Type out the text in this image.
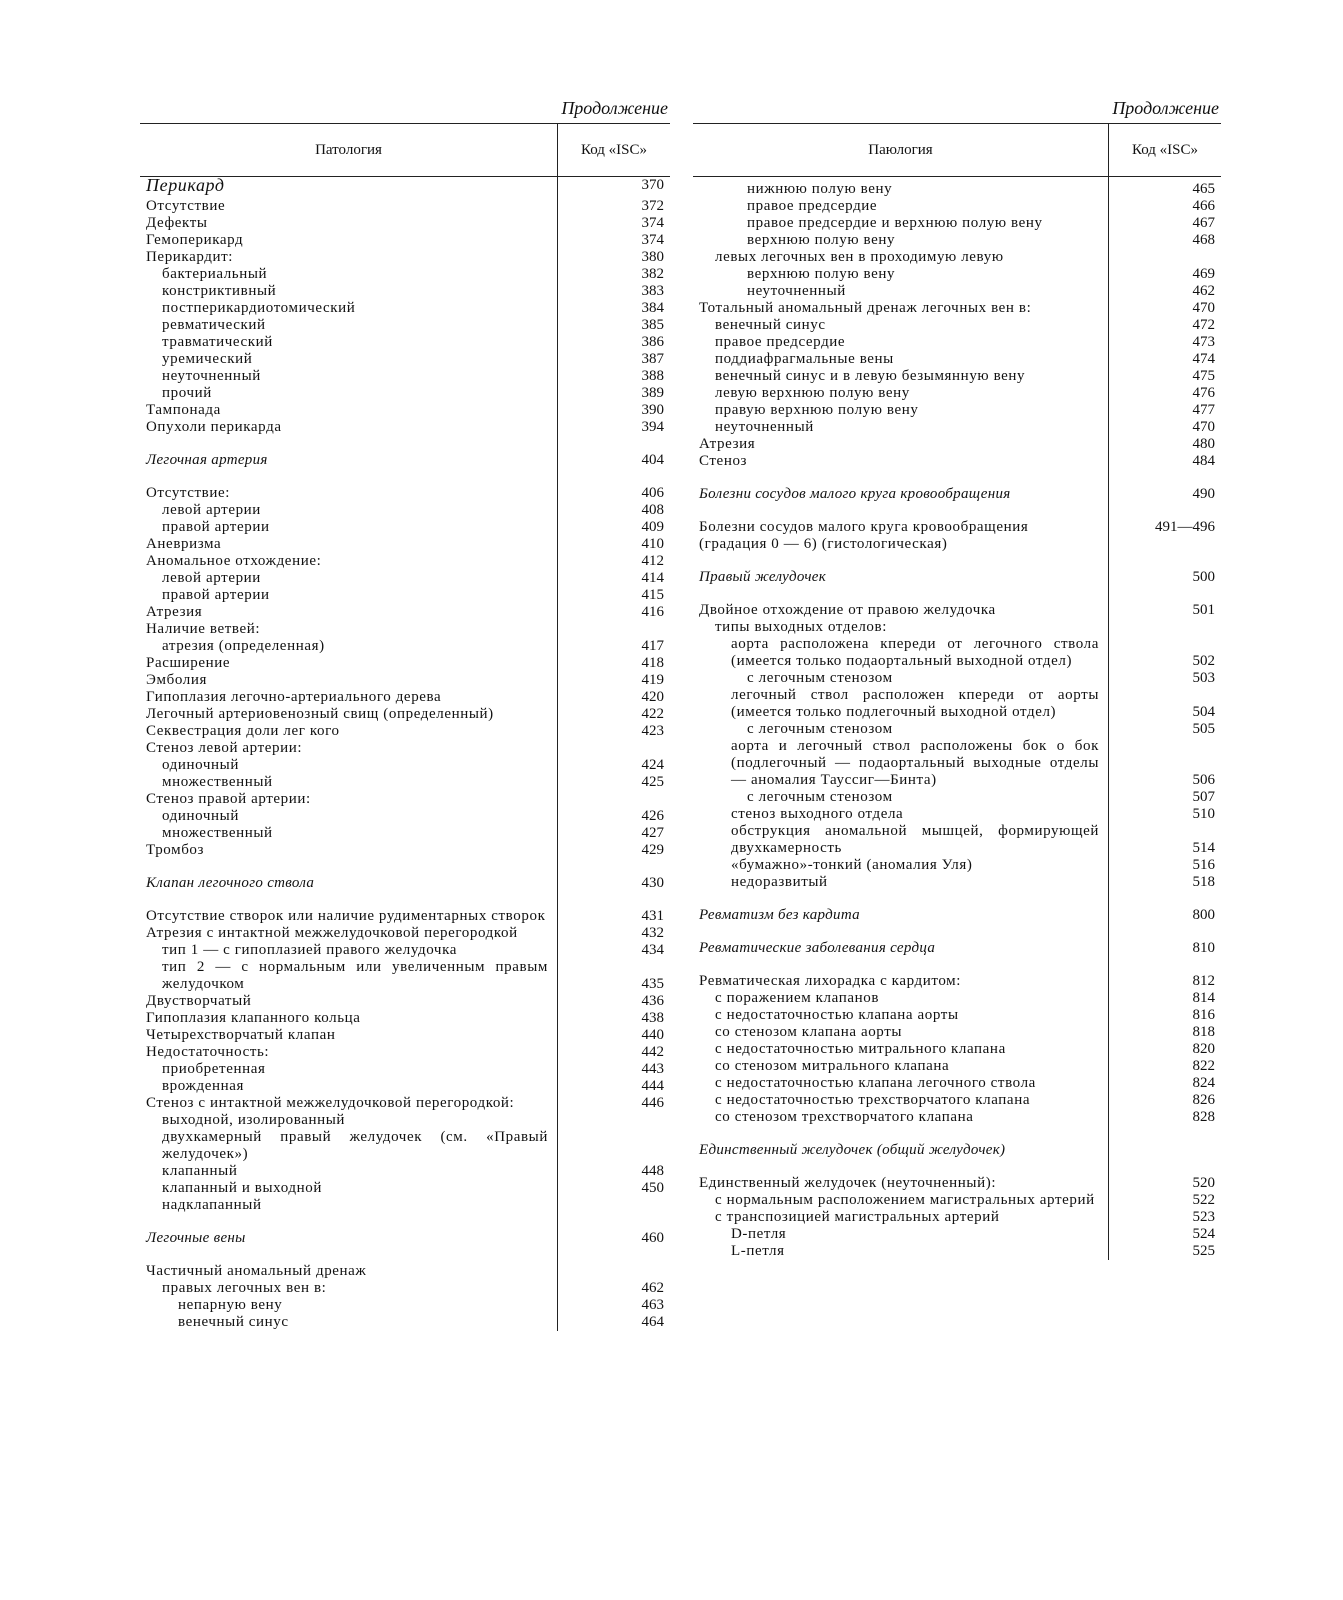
Продолжение
Патология	Код «ISC»
Перикард	370
Отсутствие	372
Дефекты	374
Гемоперикард	374
Перикардит:	380
бактериальный	382
констриктивный	383
постперикардиотомический	384
ревматический	385
травматический	386
уремический	387
неуточненный	388
прочий	389
Тампонада	390
Опухоли перикарда	394
Легочная артерия	404
Отсутствие:	406
левой артерии	408
правой артерии	409
Аневризма	410
Аномальное отхождение:	412
левой артерии	414
правой артерии	415
Атрезия	416
Наличие ветвей:
атрезия (определенная)	417
Расширение	418
Эмболия	419
Гипоплазия легочно-артериального дерева	420
Легочный артериовенозный свищ (определенный)	422
Секвестрация доли лег кого	423
Стеноз левой артерии:
одиночный	424
множественный	425
Стеноз правой артерии:
одиночный	426
множественный	427
Тромбоз	429
Клапан легочного ствола	430
Отсутствие створок или наличие рудиментарных створок	431
Атрезия с интактной межжелудочковой перегородкой	432
тип 1 — с гипоплазией правого желудочка	434
тип 2 — с нормальным или увеличенным правым желудочком	435
Двустворчатый	436
Гипоплазия клапанного кольца	438
Четырехстворчатый клапан	440
Недостаточность:	442
приобретенная	443
врожденная	444
Стеноз с интактной межжелудочковой перегородкой:	446
выходной, изолированный
двухкамерный правый желудочек (см. «Правый желудочек»)
клапанный	448
клапанный и выходной	450
надклапанный
Легочные вены	460
Частичный аномальный дренаж
правых легочных вен в:	462
непарную вену	463
венечный синус	464
Продолжение
Паюлогия	Код «ISC»
нижнюю полую вену	465
правое предсердие	466
правое предсердие и верхнюю полую вену	467
верхнюю полую вену	468
левых легочных вен в проходимую левую
верхнюю полую вену	469
неуточненный	462
Тотальный аномальный дренаж легочных вен в:	470
венечный синус	472
правое предсердие	473
поддиафрагмальные вены	474
венечный синус и в левую безымянную вену	475
левую верхнюю полую вену	476
правую верхнюю полую вену	477
неуточненный	470
Атрезия	480
Стеноз	484
Болезни сосудов малого круга кровообращения	490
Болезни сосудов малого круга кровообращения	491—496
(градация 0 — 6) (гистологическая)
Правый желудочек	500
Двойное отхождение от правою желудочка	501
типы выходных отделов:
аорта расположена кпереди от легочного ствола (имеется только подаортальный выходной отдел)	502
с легочным стенозом	503
легочный ствол расположен кпереди от аорты (имеется только подлегочный выходной отдел)	504
с легочным стенозом	505
аорта и легочный ствол расположены бок о бок (подлегочный — подаортальный выходные отделы — аномалия Тауссиг—Бинта)	506
с легочным стенозом	507
стеноз выходного отдела	510
обструкция аномальной мышцей, формирующей двухкамерность	514
«бумажно»-тонкий (аномалия Уля)	516
недоразвитый	518
Ревматизм без кардита	800
Ревматические заболевания сердца	810
Ревматическая лихорадка с кардитом:	812
с поражением клапанов	814
с недостаточностью клапана аорты	816
со стенозом клапана аорты	818
с недостаточностью митрального клапана	820
со стенозом митрального клапана	822
с недостаточностью клапана легочного ствола	824
с недостаточностью трехстворчатого клапана	826
со стенозом трехстворчатого клапана	828
Единственный желудочек (общий желудочек)
Единственный желудочек (неуточненный):	520
с нормальным расположением магистральных артерий	522
с транспозицией магистральных артерий	523
D-петля	524
L-петля	525
